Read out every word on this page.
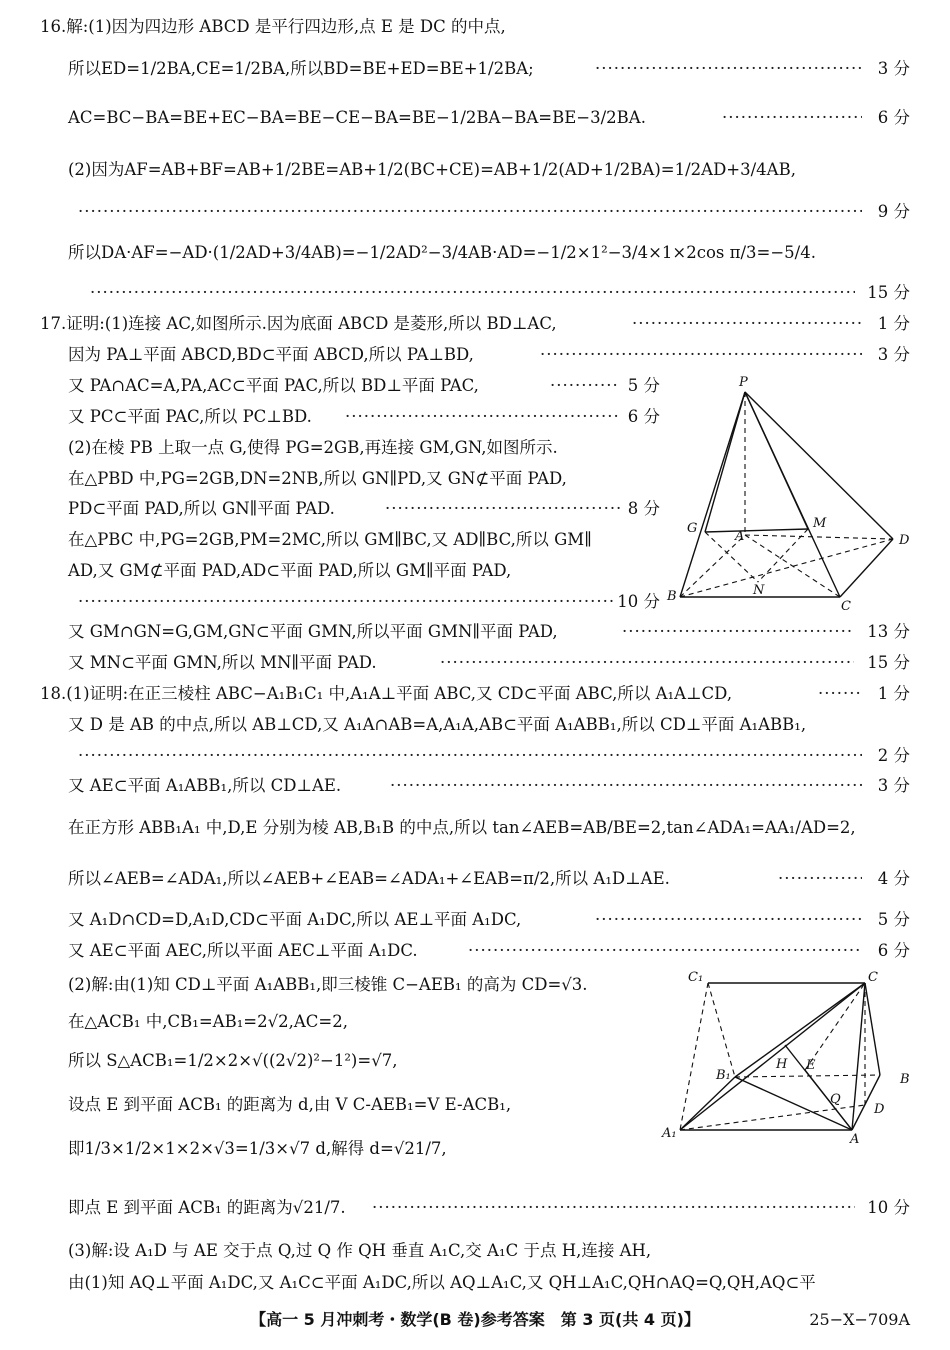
16.解:(1)因为四边形 ABCD 是平行四边形,点 E 是 DC 的中点,
所以ED=1/2BA,CE=1/2BA,所以BD=BE+ED=BE+1/2BA; ·····	3 分
AC=BC−BA=BE+EC−BA=BE−CE−BA=BE−1/2BA−BA=BE−3/2BA. ·····	6 分
(2)因为AF=AB+BF=AB+1/2BE=AB+1/2(BC+CE)=AB+1/2(AD+1/2BA)=1/2AD+3/4AB,
·····
9 分
所以DA·AF=−AD·(1/2AD+3/4AB)=−1/2AD²−3/4AB·AD=−1/2×1²−3/4×1×2cos π/3=−5/4.
·····
15 分
17.证明:(1)连接 AC,如图所示.因为底面 ABCD 是菱形,所以 BD⊥AC, ·····	1 分
因为 PA⊥平面 ABCD,BD⊂平面 ABCD,所以 PA⊥BD, ·····	3 分
又 PA∩AC=A,PA,AC⊂平面 PAC,所以 BD⊥平面 PAC, ·····	5 分
又 PC⊂平面 PAC,所以 PC⊥BD. ·····	6 分
(2)在棱 PB 上取一点 G,使得 PG=2GB,再连接 GM,GN,如图所示.
在△PBD 中,PG=2GB,DN=2NB,所以 GN∥PD,又 GN⊄平面 PAD,
PD⊂平面 PAD,所以 GN∥平面 PAD. ·····	8 分
在△PBC 中,PG=2GB,PM=2MC,所以 GM∥BC,又 AD∥BC,所以 GM∥
AD,又 GM⊄平面 PAD,AD⊂平面 PAD,所以 GM∥平面 PAD,
·····
10 分
又 GM∩GN=G,GM,GN⊂平面 GMN,所以平面 GMN∥平面 PAD, ·····	13 分
又 MN⊂平面 GMN,所以 MN∥平面 PAD. ·····	15 分
P
G	M
A	D
B	N
C
18.(1)证明:在正三棱柱 ABC−A₁B₁C₁ 中,A₁A⊥平面 ABC,又 CD⊂平面 ABC,所以 A₁A⊥CD, ·····	1 分
又 D 是 AB 的中点,所以 AB⊥CD,又 A₁A∩AB=A,A₁A,AB⊂平面 A₁ABB₁,所以 CD⊥平面 A₁ABB₁,
·····
2 分
又 AE⊂平面 A₁ABB₁,所以 CD⊥AE. ·····	3 分
在正方形 ABB₁A₁ 中,D,E 分别为棱 AB,B₁B 的中点,所以 tan∠AEB=AB/BE=2,tan∠ADA₁=AA₁/AD=2,
所以∠AEB=∠ADA₁,所以∠AEB+∠EAB=∠ADA₁+∠EAB=π/2,所以 A₁D⊥AE. ·····	4 分
又 A₁D∩CD=D,A₁D,CD⊂平面 A₁DC,所以 AE⊥平面 A₁DC, ·····	5 分
又 AE⊂平面 AEC,所以平面 AEC⊥平面 A₁DC. ·····	6 分
(2)解:由(1)知 CD⊥平面 A₁ABB₁,即三棱锥 C−AEB₁ 的高为 CD=√3.
在△ACB₁ 中,CB₁=AB₁=2√2,AC=2,
所以 S△ACB₁=1/2×2×√((2√2)²−1²)=√7,
设点 E 到平面 ACB₁ 的距离为 d,由 V C-AEB₁=V E-ACB₁,
即1/3×1/2×1×2×√3=1/3×√7 d,解得 d=√21/7,
即点 E 到平面 ACB₁ 的距离为√21/7. ·····	10 分
(3)解:设 A₁D 与 AE 交于点 Q,过 Q 作 QH 垂直 A₁C,交 A₁C 于点 H,连接 AH,
由(1)知 AQ⊥平面 A₁DC,又 A₁C⊂平面 A₁DC,所以 AQ⊥A₁C,又 QH⊥A₁C,QH∩AQ=Q,QH,AQ⊂平
C₁	C
B₁
H E
B
Q
D
A₁	A
【高一 5 月冲刺考・数学(B 卷)参考答案　第 3 页(共 4 页)】	25−X−709A
